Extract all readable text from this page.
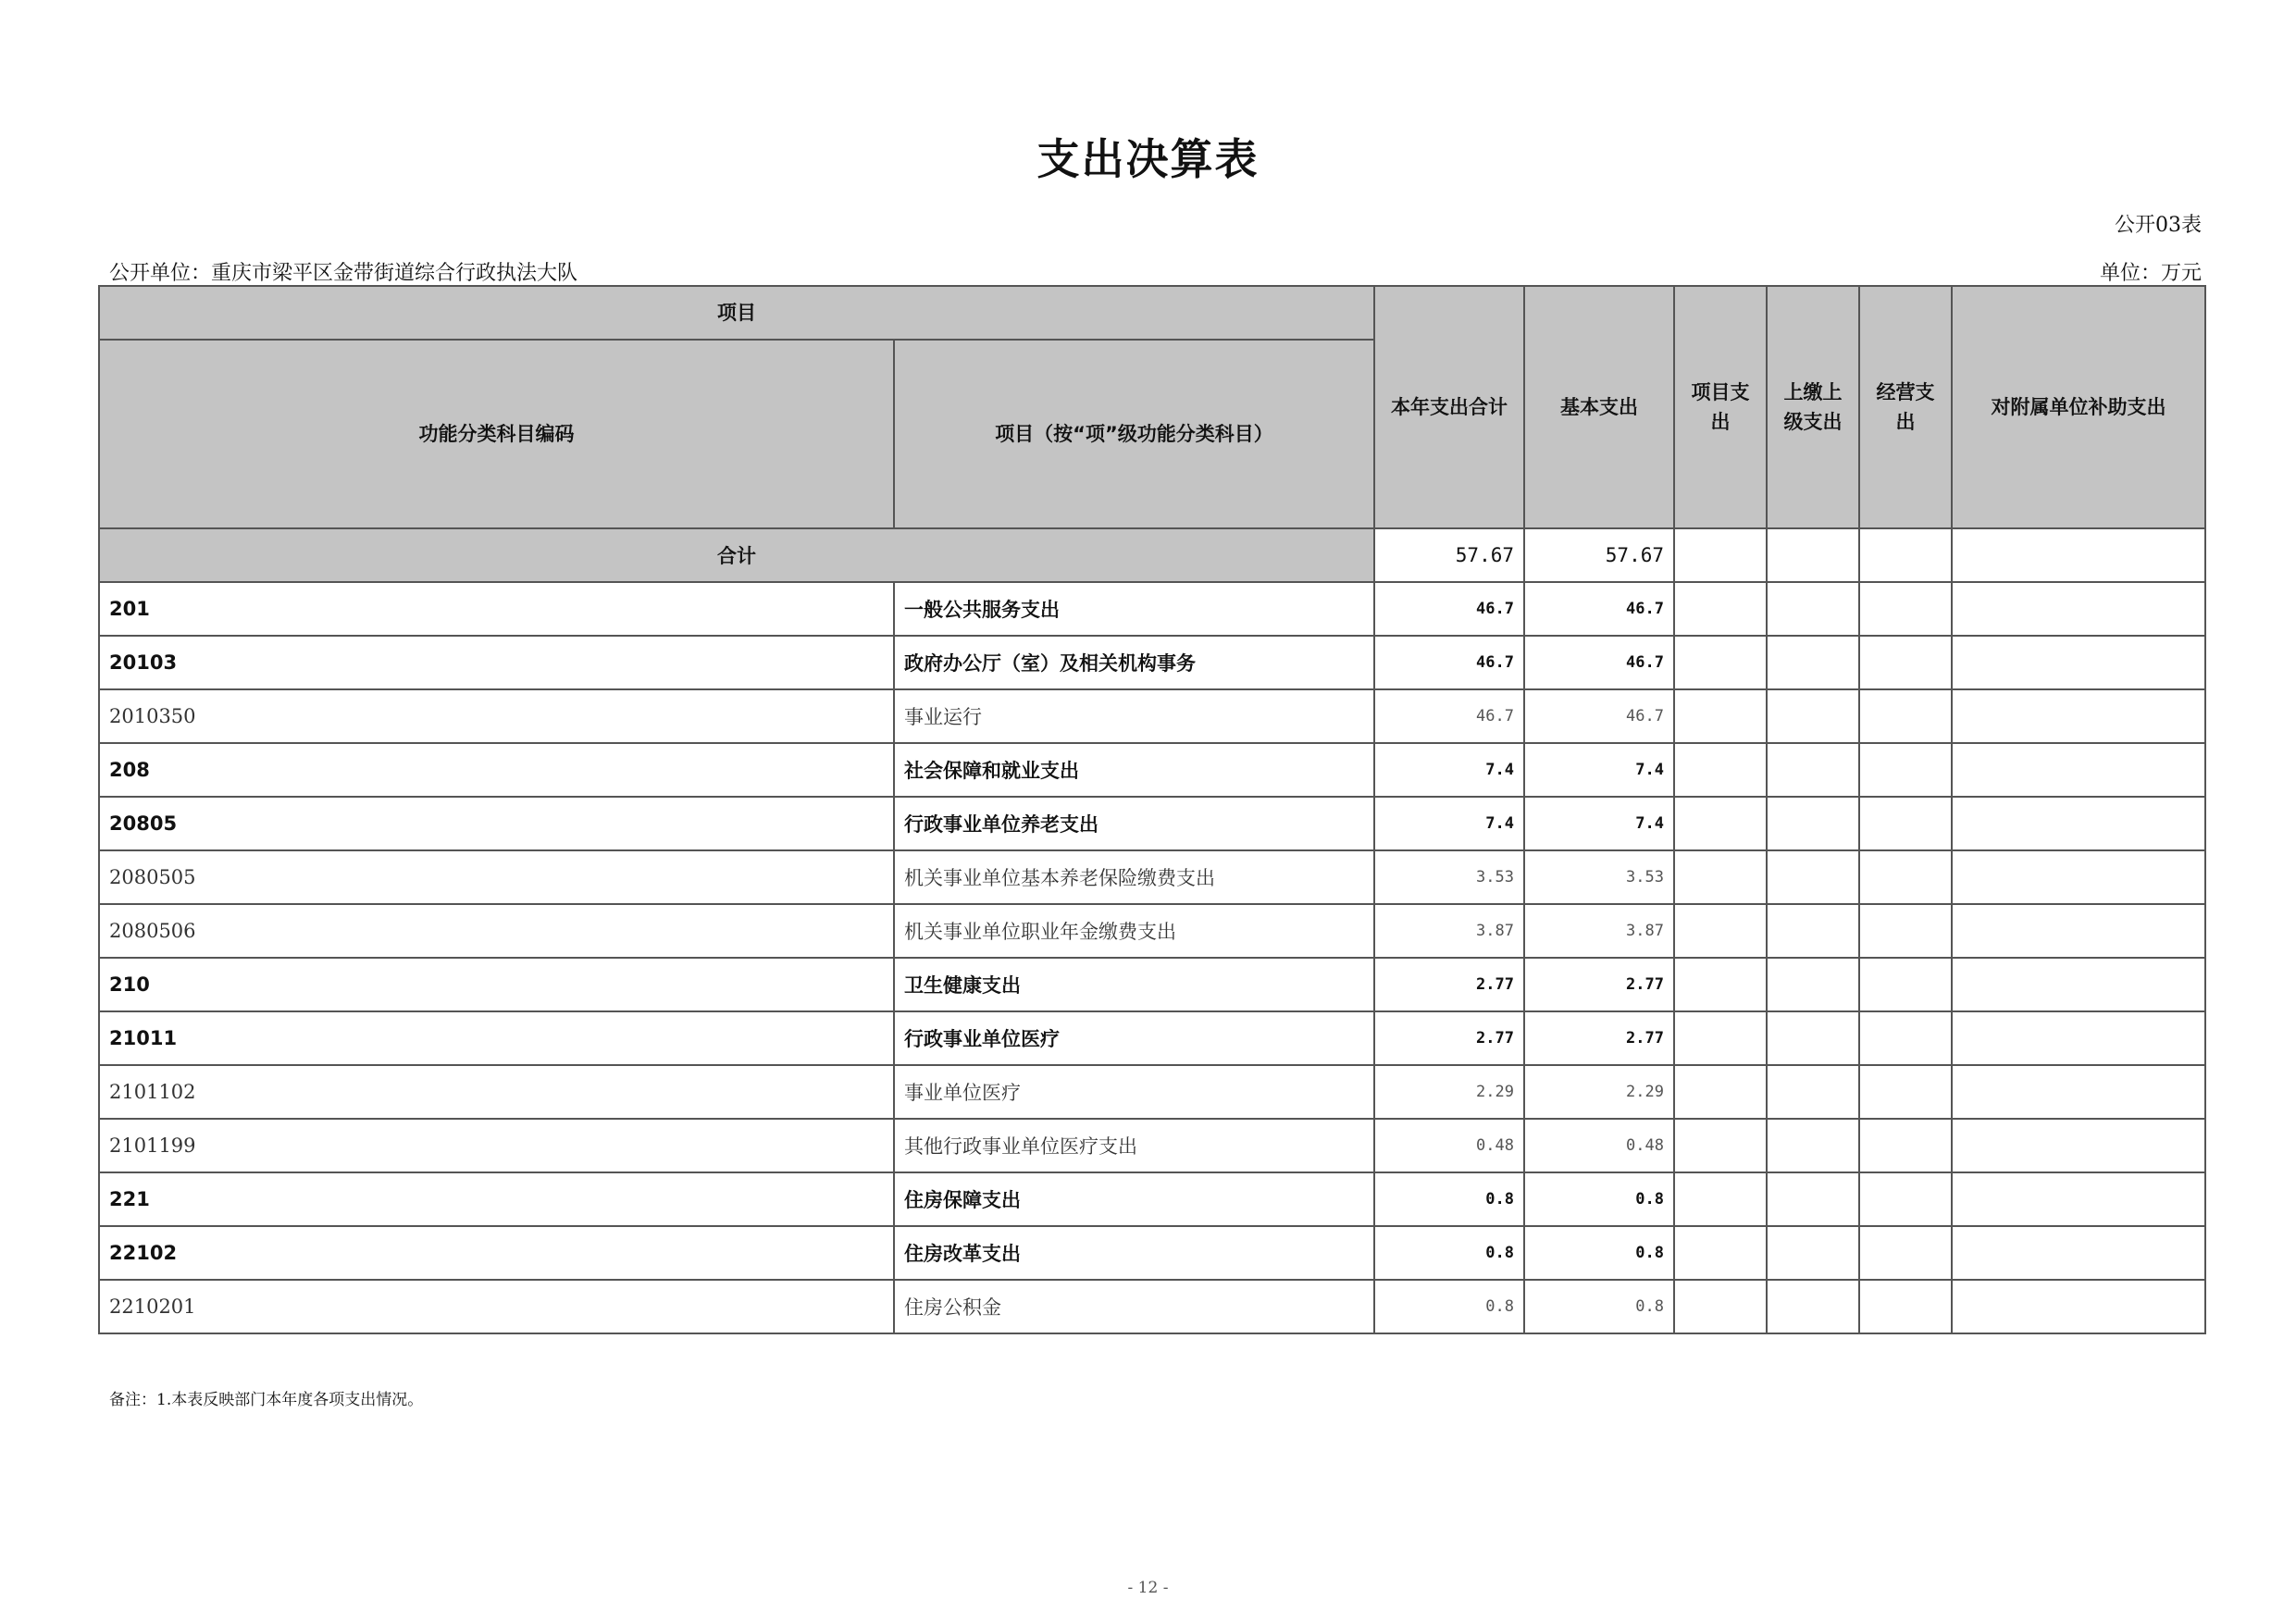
支出决算表
公开03表
公开单位：重庆市梁平区金带街道综合行政执法大队	单位：万元
项目		本年支出合计	基本支出	项目支出	上缴上级支出	经营支出	对附属单位补助支出
功能分类科目编码	项目（按“项”级功能分类科目）						
合计		57.67	57.67				
201	一般公共服务支出	46.7	46.7				
20103	政府办公厅（室）及相关机构事务	46.7	46.7				
2010350	事业运行	46.7	46.7				
208	社会保障和就业支出	7.4	7.4				
20805	行政事业单位养老支出	7.4	7.4				
2080505	机关事业单位基本养老保险缴费支出	3.53	3.53				
2080506	机关事业单位职业年金缴费支出	3.87	3.87				
210	卫生健康支出	2.77	2.77				
21011	行政事业单位医疗	2.77	2.77				
2101102	事业单位医疗	2.29	2.29				
2101199	其他行政事业单位医疗支出	0.48	0.48				
221	住房保障支出	0.8	0.8				
22102	住房改革支出	0.8	0.8				
2210201	住房公积金	0.8	0.8				
备注：1.本表反映部门本年度各项支出情况。
- 12 -
